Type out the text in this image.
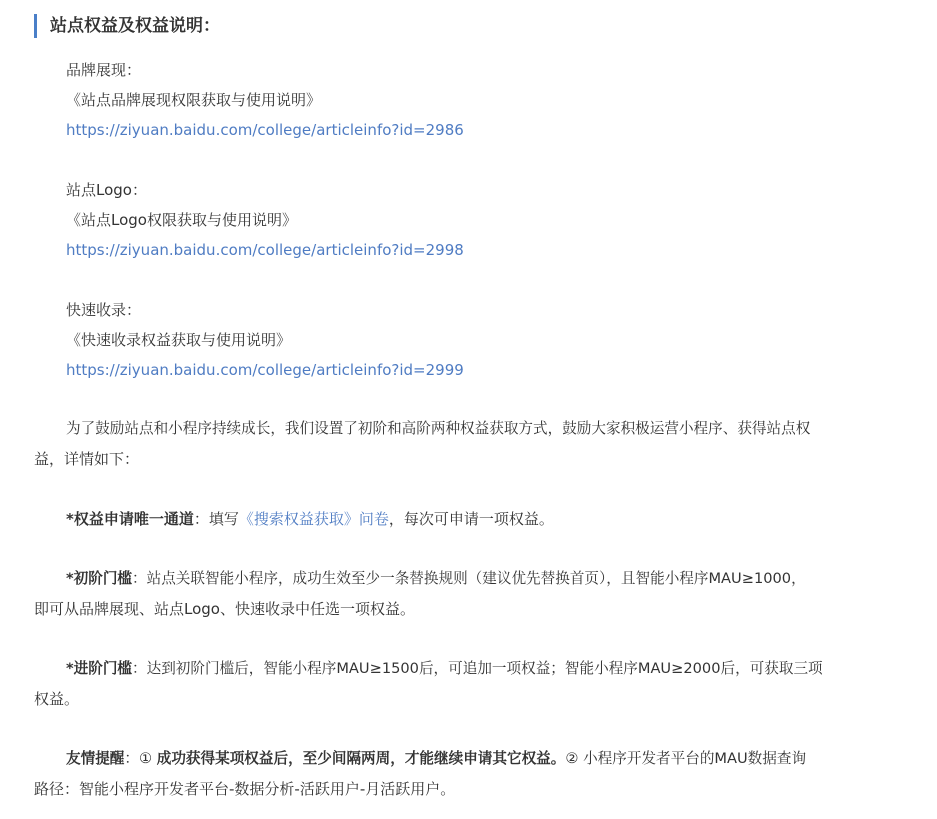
站点权益及权益说明：
品牌展现：
《站点品牌展现权限获取与使用说明》
https://ziyuan.baidu.com/college/articleinfo?id=2986
站点Logo：
《站点Logo权限获取与使用说明》
https://ziyuan.baidu.com/college/articleinfo?id=2998
快速收录：
《快速收录权益获取与使用说明》
https://ziyuan.baidu.com/college/articleinfo?id=2999
为了鼓励站点和小程序持续成长，我们设置了初阶和高阶两种权益获取方式，鼓励大家积极运营小程序、获得站点权
益，详情如下：
*权益申请唯一通道：填写《搜索权益获取》问卷，每次可申请一项权益。
*初阶门槛：站点关联智能小程序，成功生效至少一条替换规则（建议优先替换首页），且智能小程序MAU≥1000，
即可从品牌展现、站点Logo、快速收录中任选一项权益。
*进阶门槛：达到初阶门槛后，智能小程序MAU≥1500后，可追加一项权益；智能小程序MAU≥2000后，可获取三项
权益。
友情提醒：① 成功获得某项权益后，至少间隔两周，才能继续申请其它权益。② 小程序开发者平台的MAU数据查询
路径：智能小程序开发者平台-数据分析-活跃用户-月活跃用户。
